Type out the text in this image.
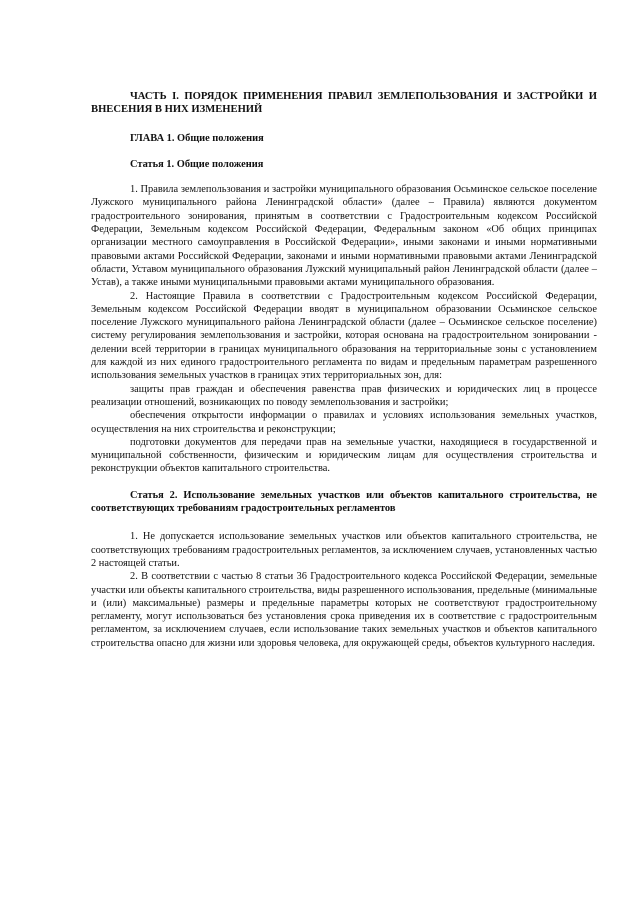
ЧАСТЬ I. ПОРЯДОК ПРИМЕНЕНИЯ ПРАВИЛ ЗЕМЛЕПОЛЬЗОВАНИЯ И ЗАСТРОЙКИ И ВНЕСЕНИЯ В НИХ ИЗМЕНЕНИЙ

ГЛАВА 1. Общие положения

Статья 1. Общие положения

1. Правила землепользования и застройки муниципального образования Осьминское сельское поселение Лужского муниципального района Ленинградской области» (далее – Правила) являются документом градостроительного зонирования, принятым в соответствии с Градостроительным кодексом Российской Федерации, Земельным кодексом Российской Федерации, Федеральным законом «Об общих принципах организации местного самоуправления в Российской Федерации», иными законами и иными нормативными правовыми актами Российской Федерации, законами и иными нормативными правовыми актами Ленинградской области, Уставом муниципального образования Лужский муниципальный район Ленинградской области (далее – Устав), а также иными муниципальными правовыми актами муниципального образования.

2. Настоящие Правила в соответствии с Градостроительным кодексом Российской Федерации, Земельным кодексом Российской Федерации вводят в муниципальном образовании Осьминское сельское поселение Лужского муниципального района Ленинградской области (далее – Осьминское сельское поселение) систему регулирования землепользования и застройки, которая основана на градостроительном зонировании - делении всей территории в границах муниципального образования на территориальные зоны с установлением для каждой из них единого градостроительного регламента по видам и предельным параметрам разрешенного использования земельных участков в границах этих территориальных зон, для:

защиты прав граждан и обеспечения равенства прав физических и юридических лиц в процессе реализации отношений, возникающих по поводу землепользования и застройки;

обеспечения открытости информации о правилах и условиях использования земельных участков, осуществления на них строительства и реконструкции;

подготовки документов для передачи прав на земельные участки, находящиеся в государственной и муниципальной собственности, физическим и юридическим лицам для осуществления строительства и реконструкции объектов капитального строительства.

Статья 2. Использование земельных участков или объектов капитального строительства, не соответствующих требованиям градостроительных регламентов

1. Не допускается использование земельных участков или объектов капитального строительства, не соответствующих требованиям градостроительных регламентов, за исключением случаев, установленных частью 2 настоящей статьи.

2. В соответствии с частью 8 статьи 36 Градостроительного кодекса Российской Федерации, земельные участки или объекты капитального строительства, виды разрешенного использования, предельные (минимальные и (или) максимальные) размеры и предельные параметры которых не соответствуют градостроительному регламенту, могут использоваться без установления срока приведения их в соответствие с градостроительным регламентом, за исключением случаев, если использование таких земельных участков и объектов капитального строительства опасно для жизни или здоровья человека, для окружающей среды, объектов культурного наследия.
